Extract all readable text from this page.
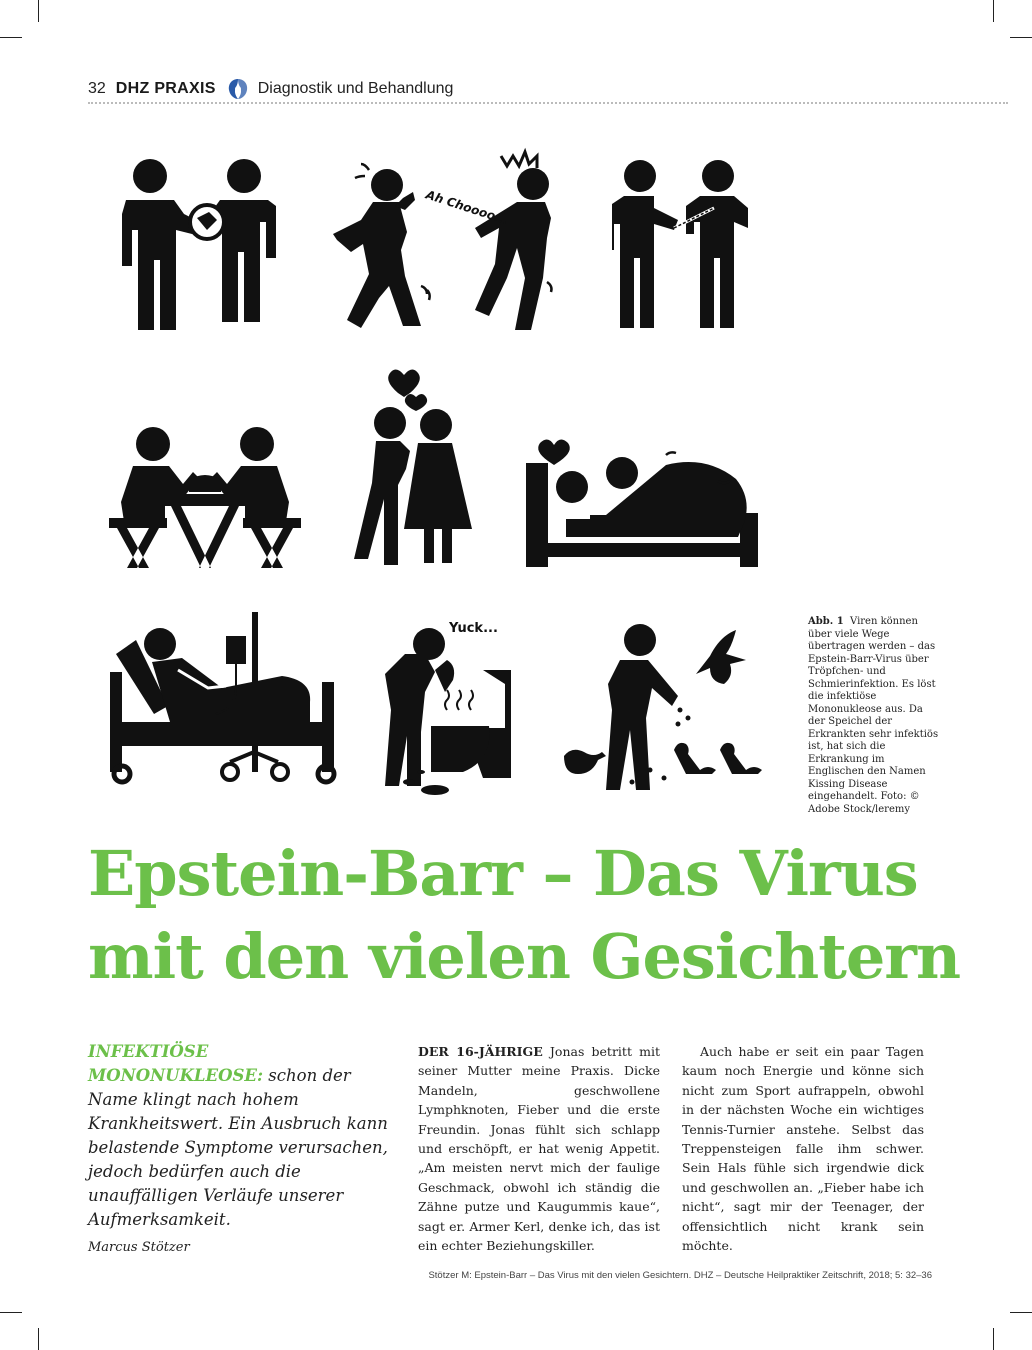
32 DHZ PRAXIS	Diagnostik und Behandlung
Ah Choooo...
Yuck...	Abb. 1 Viren können über viele Wege übertragen werden – das Epstein-Barr-Virus über Tröpfchen- und Schmierinfektion. Es löst die infektiöse Mononukleose aus. Da der Speichel der Erkrankten sehr infektiös ist, hat sich die Erkrankung im Englischen den Namen Kissing Disease eingehandelt. Foto: © Adobe Stock/leremy
Epstein-Barr – Das Virus
mit den vielen Gesichtern
INFEKTIÖSE MONONUKLEOSE: schon der Name klingt nach hohem Krankheitswert. Ein Ausbruch kann belastende Symptome verursachen, jedoch bedürfen auch die unauffälligen Verläufe unserer Aufmerksamkeit.
Marcus Stötzer
DER 16-JÄHRIGE Jonas betritt mit seiner Mutter meine Praxis. Dicke Mandeln, geschwollene Lymphknoten, Fieber und die erste Freundin. Jonas fühlt sich schlapp und erschöpft, er hat wenig Appetit. „Am meisten nervt mich der faulige Geschmack, obwohl ich ständig die Zähne putze und Kaugummis kaue“, sagt er. Armer Kerl, denke ich, das ist ein echter Beziehungskiller.
Auch habe er seit ein paar Tagen kaum noch Energie und könne sich nicht zum Sport aufrappeln, obwohl in der nächsten Woche ein wichtiges Tennis-Turnier anstehe. Selbst das Treppensteigen falle ihm schwer. Sein Hals fühle sich irgendwie dick und geschwollen an. „Fieber habe ich nicht“, sagt mir der Teenager, der offensichtlich nicht krank sein möchte.
Stötzer M: Epstein-Barr – Das Virus mit den vielen Gesichtern. DHZ – Deutsche Heilpraktiker Zeitschrift, 2018; 5: 32–36
